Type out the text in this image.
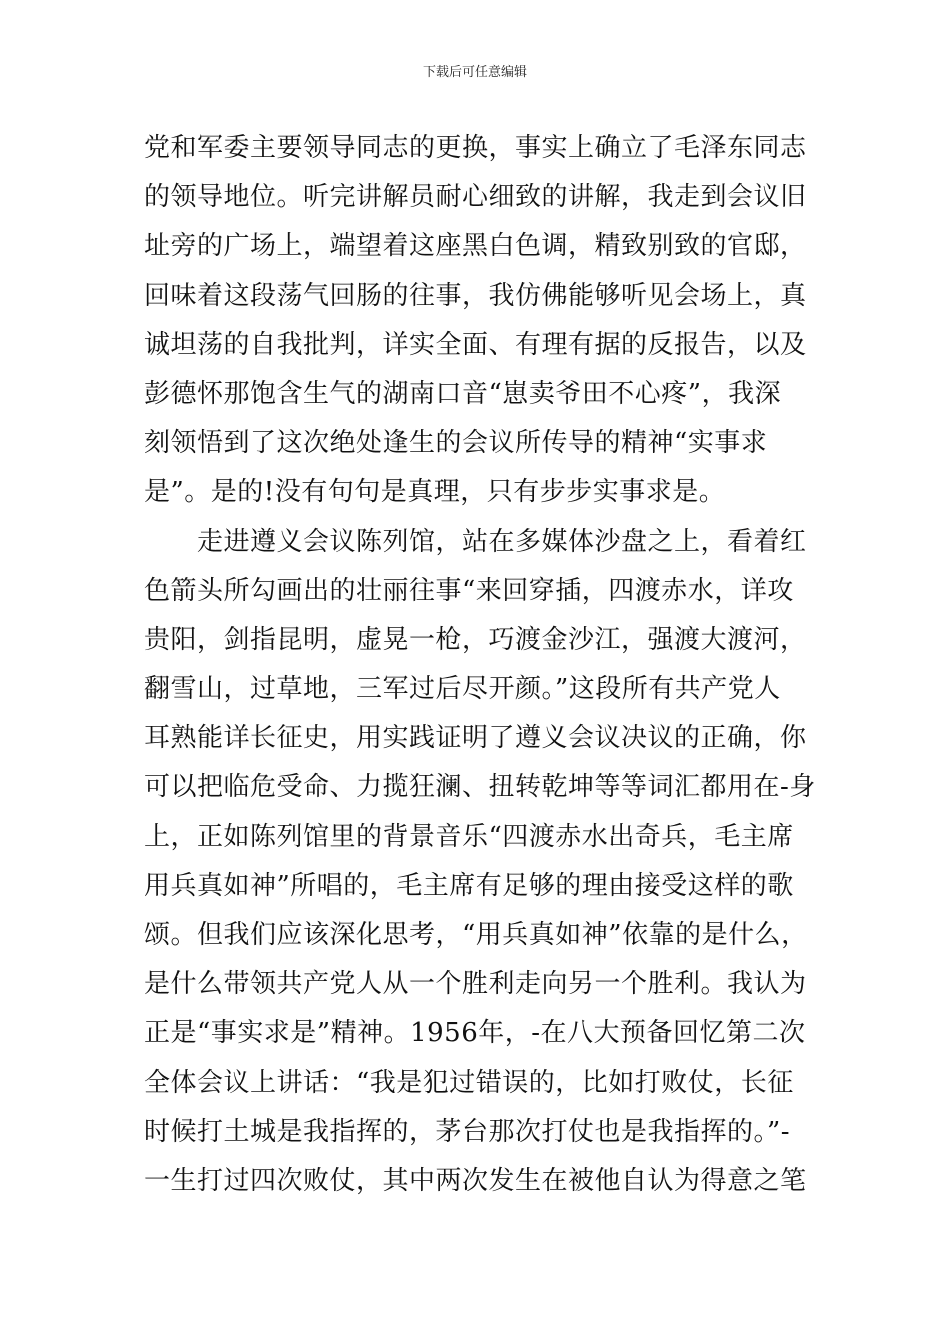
下载后可任意编辑
党和军委主要领导同志的更换，事实上确立了毛泽东同志
的领导地位。听完讲解员耐心细致的讲解，我走到会议旧
址旁的广场上，端望着这座黑白色调，精致别致的官邸，
回味着这段荡气回肠的往事，我仿佛能够听见会场上，真
诚坦荡的自我批判，详实全面、有理有据的反报告，以及
彭德怀那饱含生气的湖南口音“崽卖爷田不心疼”，我深
刻领悟到了这次绝处逢生的会议所传导的精神“实事求
是”。是的!没有句句是真理，只有步步实事求是。
　　走进遵义会议陈列馆，站在多媒体沙盘之上，看着红
色箭头所勾画出的壮丽往事“来回穿插，四渡赤水，详攻
贵阳，剑指昆明，虚晃一枪，巧渡金沙江，强渡大渡河，
翻雪山，过草地，三军过后尽开颜。”这段所有共产党人
耳熟能详长征史，用实践证明了遵义会议决议的正确，你
可以把临危受命、力揽狂澜、扭转乾坤等等词汇都用在-身
上，正如陈列馆里的背景音乐“四渡赤水出奇兵，毛主席
用兵真如神”所唱的，毛主席有足够的理由接受这样的歌
颂。但我们应该深化思考，“用兵真如神”依靠的是什么，
是什么带领共产党人从一个胜利走向另一个胜利。我认为
正是“事实求是”精神。1956年，-在八大预备回忆第二次
全体会议上讲话：“我是犯过错误的，比如打败仗，长征
时候打土城是我指挥的，茅台那次打仗也是我指挥的。”-
一生打过四次败仗，其中两次发生在被他自认为得意之笔
